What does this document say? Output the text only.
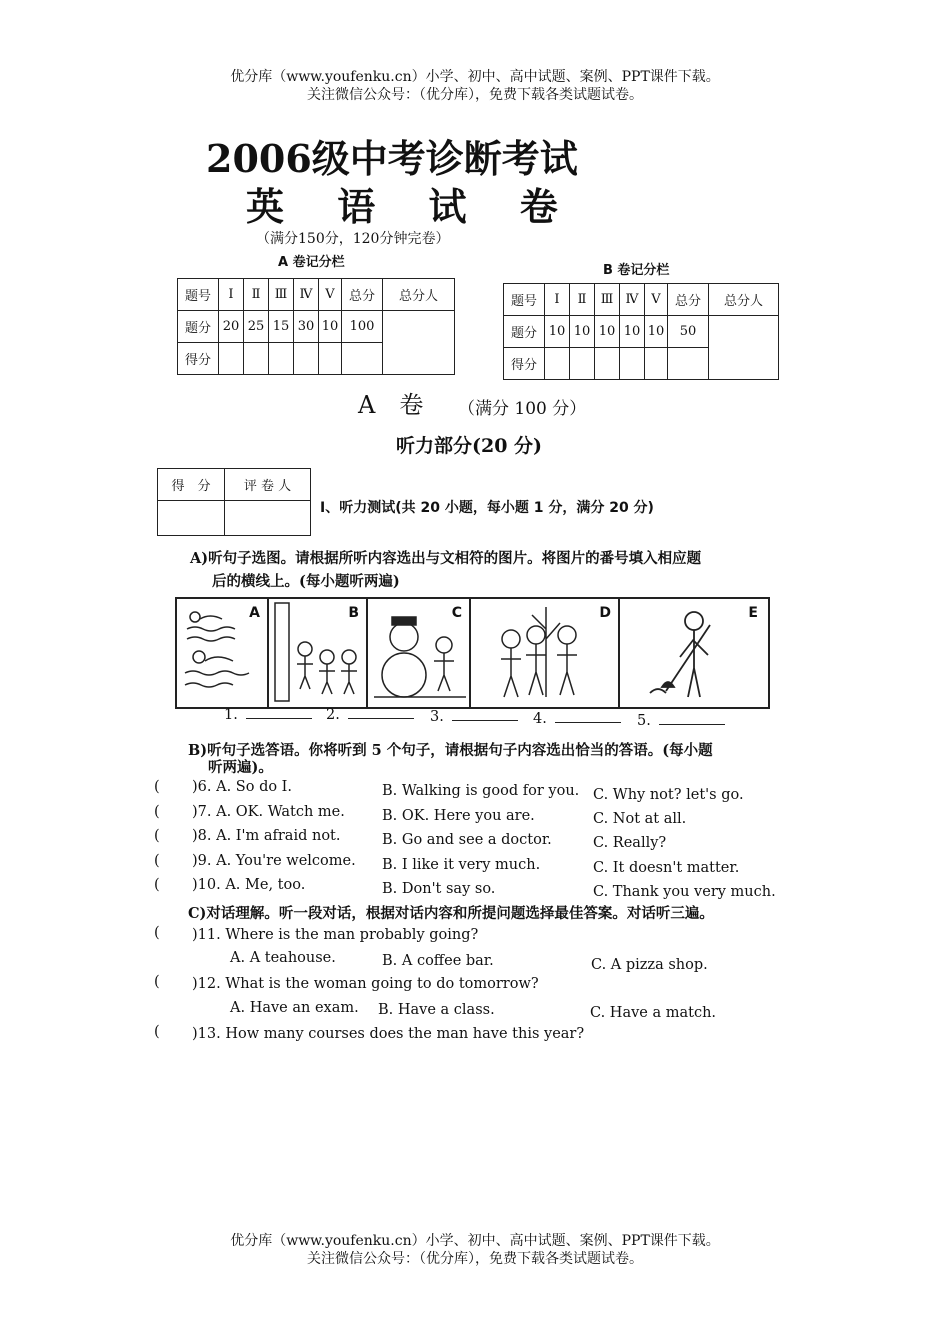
优分库（www.youfenku.cn）小学、初中、高中试题、案例、PPT课件下载。
关注微信公众号：（优分库），免费下载各类试题试卷。
2006级中考诊断考试
英 语 试 卷
（满分150分，120分钟完卷）
A 卷记分栏
题号	Ⅰ	Ⅱ	Ⅲ	Ⅳ	Ⅴ	总分	总分人
题分	20	25	15	30	10	100	
得分							
B 卷记分栏
题号	Ⅰ	Ⅱ	Ⅲ	Ⅳ	Ⅴ	总分	总分人
题分	10	10	10	10	10	50	
得分							
A　卷 （满分 100 分）
听力部分(20 分)
得　分	评 卷 人

Ⅰ、听力测试(共 20 小题，每小题 1 分，满分 20 分)
A)听句子选图。请根据所听内容选出与文相符的图片。将图片的番号填入相应题
后的横线上。(每小题听两遍)
A	B	C	D	E
1.	2.	3.	4.	5.
B)听句子选答语。你将听到 5 个句子，请根据句子内容选出恰当的答语。(每小题
听两遍)。
( )6. A. So do I.	B. Walking is good for you. C. Why not? let's go.
( )7. A. OK. Watch me.	B. OK. Here you are.	C. Not at all.
( )8. A. I'm afraid not.	B. Go and see a doctor.	C. Really?
( )9. A. You're welcome. B. I like it very much.	C. It doesn't matter.
( )10. A. Me, too.	B. Don't say so.	C. Thank you very much.
C)对话理解。听一段对话，根据对话内容和所提问题选择最佳答案。对话听三遍。
( )11. Where is the man probably going?
A. A teahouse.	B. A coffee bar.	C. A pizza shop.
( )12. What is the woman going to do tomorrow?
A. Have an exam. B. Have a class.	C. Have a match.
( )13. How many courses does the man have this year?
优分库（www.youfenku.cn）小学、初中、高中试题、案例、PPT课件下载。
关注微信公众号：（优分库），免费下载各类试题试卷。
